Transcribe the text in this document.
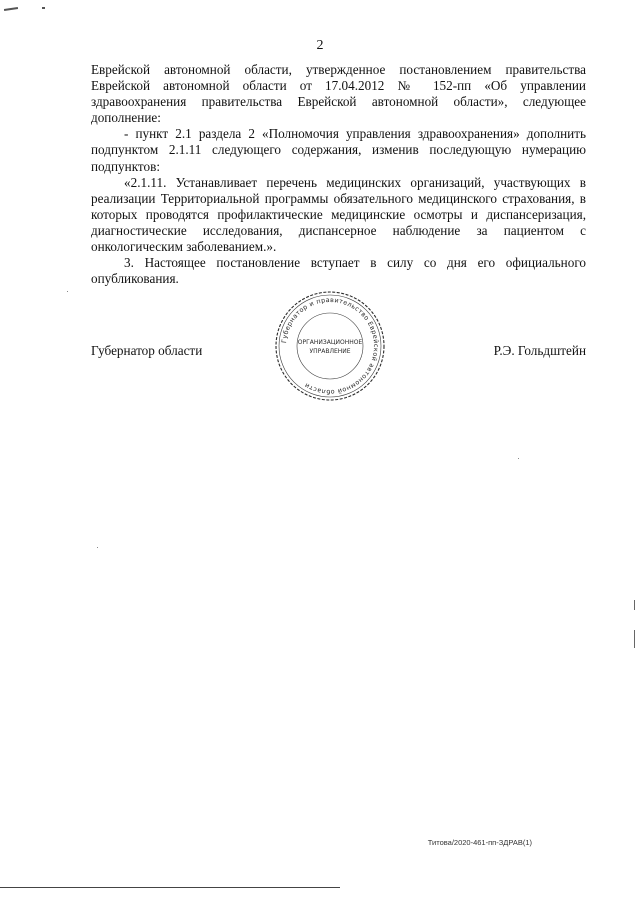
2

Еврейской автономной области, утвержденное постановлением правительства Еврейской автономной области от 17.04.2012 № 152-пп «Об управлении здравоохранения правительства Еврейской автономной области», следующее дополнение:

- пункт 2.1 раздела 2 «Полномочия управления здравоохранения» дополнить подпунктом 2.1.11 следующего содержания, изменив последующую нумерацию подпунктов:

«2.1.11. Устанавливает перечень медицинских организаций, участвующих в реализации Территориальной программы обязательного медицинского страхования, в которых проводятся профилактические медицинские осмотры и диспансеризация, диагностические исследования, диспансерное наблюдение за пациентом с онкологическим заболеванием.».

3. Настоящее постановление вступает в силу со дня его официального опубликования.

Губернатор и правительство Еврейской автономной области
ОРГАНИЗАЦИОННОЕ
УПРАВЛЕНИЕ
Губернатор области	Р.Э. Гольдштейн
Титова/2020-461-пп-ЗДРАВ(1)
